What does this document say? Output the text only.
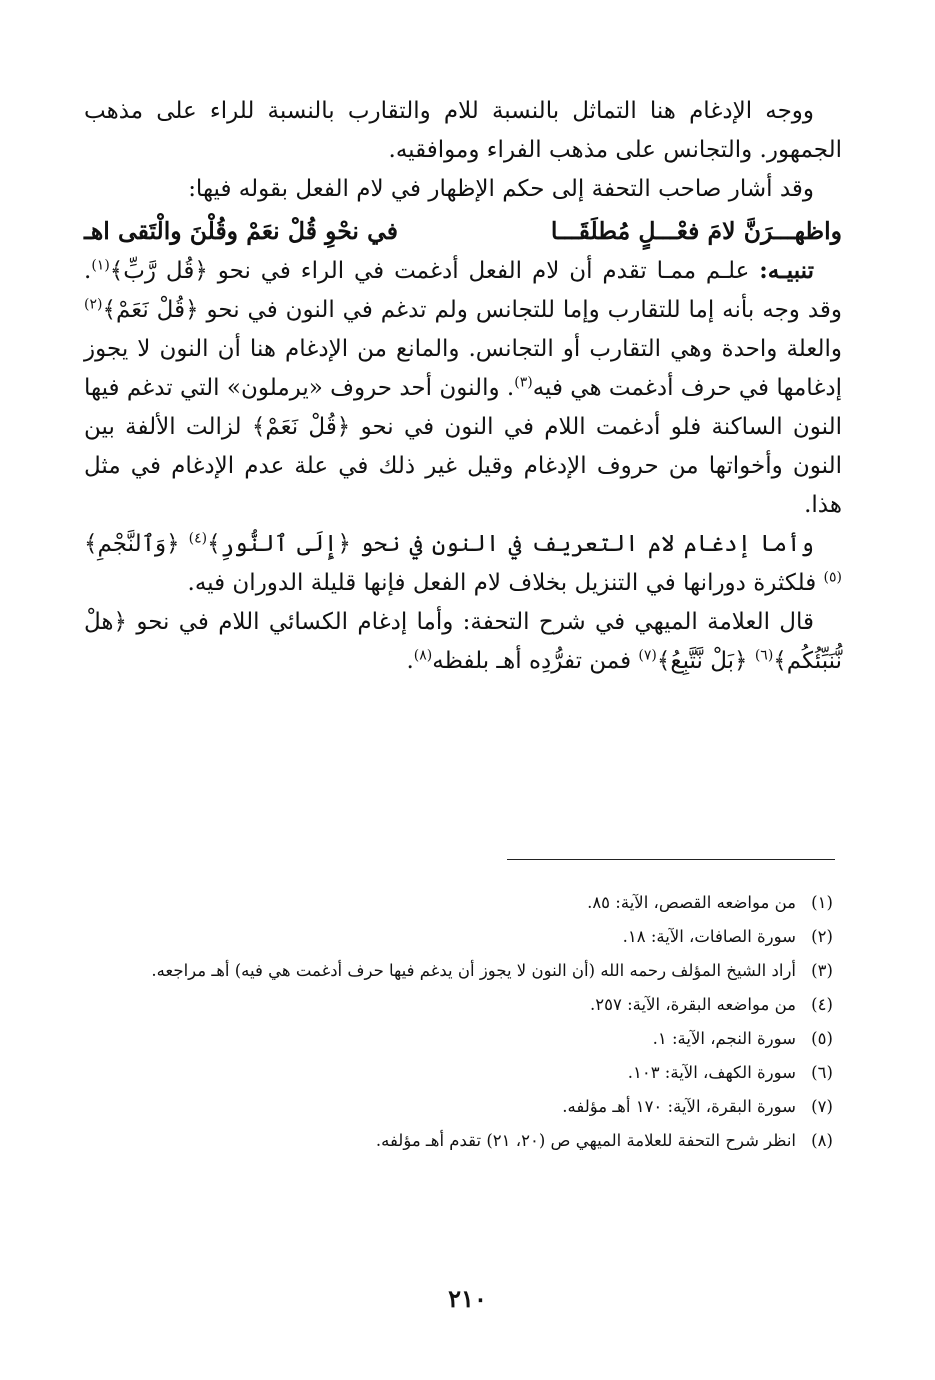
ووجه الإدغام هنا التماثل بالنسبة للام والتقارب بالنسبة للراء على مذهب الجمهور. والتجانس على مذهب الفراء وموافقيه.

وقد أشار صاحب التحفة إلى حكم الإظهار في لام الفعل بقوله فيها:

واظهـــرَنَّ لامَ فعْـــلٍ مُطلَقَـــا
في نحْوِ قُلْ نعَمْ وقُلْنَ والْتَقى اهـ

تنبيـه: علـم ممـا تقدم أن لام الفعل أدغمت في الراء في نحو ﴿قُل رَّبِّ﴾$^{(١)}$. وقد وجه بأنه إما للتقارب وإما للتجانس ولم تدغم في النون في نحو ﴿قُلْ نَعَمْ﴾$^{(٢)}$ والعلة واحدة وهي التقارب أو التجانس. والمانع من الإدغام هنا أن النون لا يجوز إدغامها في حرف أدغمت هي فيه$^{(٣)}$. والنون أحد حروف «يرملون» التي تدغم فيها النون الساكنة فلو أدغمت اللام في النون في نحو ﴿قُلْ نَعَمْ﴾ لزالت الألفة بين النون وأخواتها من حروف الإدغام وقيل غير ذلك في علة عدم الإدغام في مثل هذا.

وأما إدغام لام التعريف في النون في نحو ﴿إِلَى ٱلنُّورِ﴾$^{(٤)}$ ﴿وَٱلنَّجْمِ﴾$^{(٥)}$ فلكثرة دورانها في التنزيل بخلاف لام الفعل فإنها قليلة الدوران فيه.

قال العلامة الميهي في شرح التحفة: وأما إدغام الكسائي اللام في نحو ﴿هلْ نُّنَبِّئُكُم﴾$^{(٦)}$ ﴿بَلْ نَّتَّبِعُ﴾$^{(٧)}$ فمن تفرُّدِه أهـ بلفظه$^{(٨)}$.

(١)
من مواضعه القصص، الآية: ٨٥.
(٢)
سورة الصافات، الآية: ١٨.
(٣)
أراد الشيخ المؤلف رحمه الله (أن النون لا يجوز أن يدغم فيها حرف أدغمت هي فيه) أهـ مراجعه.
(٤)
من مواضعه البقرة، الآية: ٢٥٧.
(٥)
سورة النجم، الآية: ١.
(٦)
سورة الكهف، الآية: ١٠٣.
(٧)
سورة البقرة، الآية: ١٧٠ أهـ مؤلفه.
(٨)
انظر شرح التحفة للعلامة الميهي ص (٢٠، ٢١) تقدم أهـ مؤلفه.
٢١٠
